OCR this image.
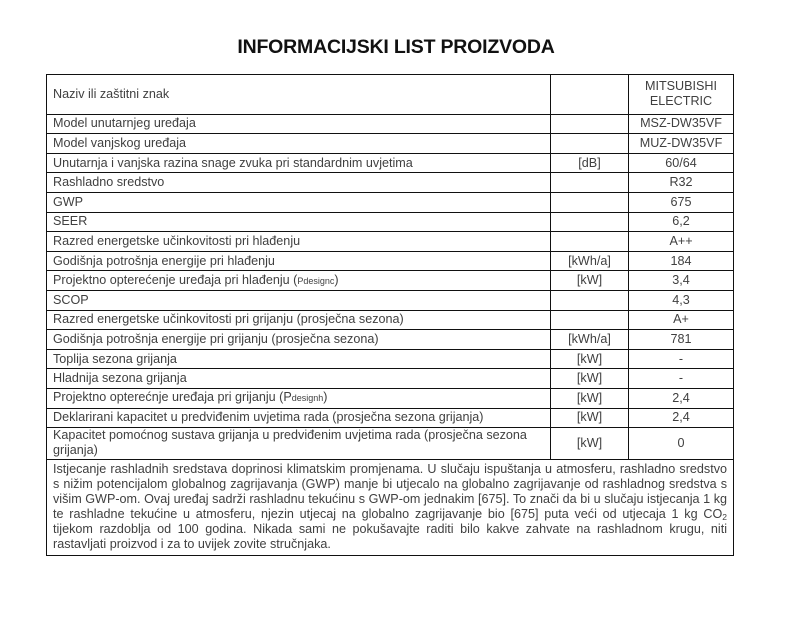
INFORMACIJSKI LIST PROIZVODA
Naziv ili zaštitni znak		MITSUBISHI
ELECTRIC
Model unutarnjeg uređaja		MSZ-DW35VF
Model vanjskog uređaja		MUZ-DW35VF
Unutarnja i vanjska razina snage zvuka pri standardnim uvjetima	[dB]	60/64
Rashladno sredstvo		R32
GWP		675
SEER		6,2
Razred energetske učinkovitosti pri hlađenju		A++
Godišnja potrošnja energije pri hlađenju	[kWh/a]	184
Projektno opterećenje uređaja pri hlađenju (Pdesignc)	[kW]	3,4
SCOP		4,3
Razred energetske učinkovitosti pri grijanju (prosječna sezona)		A+
Godišnja potrošnja energije pri grijanju (prosječna sezona)	[kWh/a]	781
Toplija sezona grijanja	[kW]	-
Hladnija sezona grijanja	[kW]	-
Projektno opterećnje uređaja pri grijanju (Pdesignh)	[kW]	2,4
Deklarirani kapacitet u predviđenim uvjetima rada (prosječna sezona grijanja)	[kW]	2,4
Kapacitet pomoćnog sustava grijanja u predviđenim uvjetima rada (prosječna sezona grijanja)	[kW]	0
Istjecanje rashladnih sredstava doprinosi klimatskim promjenama. U slučaju ispuštanja u atmosferu, rashladno sredstvo s nižim potencijalom globalnog zagrijavanja (GWP) manje bi utjecalo na globalno zagrijavanje od rashladnog sredstva s višim GWP-om. Ovaj uređaj sadrži rashladnu tekućinu s GWP-om jednakim [675]. To znači da bi u slučaju istjecanja 1 kg te rashladne tekućine u atmosferu, njezin utjecaj na globalno zagrijavanje bio [675] puta veći od utjecaja 1 kg $CO_2$ tijekom razdoblja od 100 godina. Nikada sami ne pokušavajte raditi bilo kakve zahvate na rashladnom krugu, niti rastavljati proizvod i za to uvijek zovite stručnjaka.		
